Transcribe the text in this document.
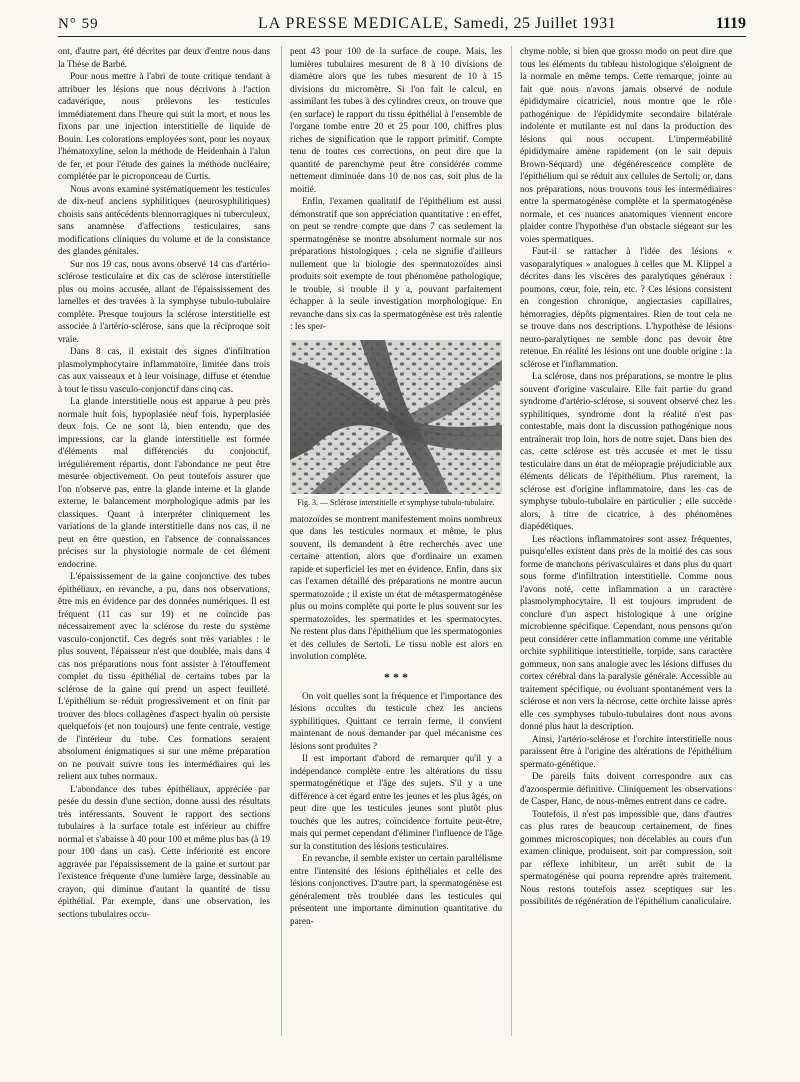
N° 59	LA PRESSE MEDICALE, Samedi, 25 Juillet 1931	1119

ont, d'autre part, été décrites par deux d'entre nous dans la Thèse de Barbé.

Pour nous mettre à l'abri de toute critique tendant à attribuer les lésions que nous décrivons à l'action cadavérique, nous prélevons les testicules immédiatement dans l'heure qui suit la mort, et nous les fixons par une injection interstitielle de liquide de Bouin. Les colorations employées sont, pour les noyaux l'hématoxyline, selon la méthode de Heidenhain à l'alun de fer, et pour l'étude des gaines la méthode nucléaire, complétée par le picroponceau de Curtis.

Nous avons examiné systématiquement les testicules de dix-neuf anciens syphilitiques (neurosyphilitiques) choisis sans antécédents blennorragiques ni tuberculeux, sans anamnèse d'affections testiculaires, sans modifications cliniques du volume et de la consistance des glandes génitales.

Sur nos 19 cas, nous avons observé 14 cas d'artério-sclérose testiculaire et dix cas de sclérose interstitielle plus ou moins accusée, allant de l'épaississement des lamelles et des travées à la symphyse tubulo-tubulaire complète. Presque toujours la sclérose interstitielle est associée à l'artério-sclérose, sans que la réciproque soit vraie.

Dans 8 cas, il existait des signes d'infiltration plasmolymphocytaire inflammatoire, limitée dans trois cas aux vaisseaux et à leur voisinage, diffuse et étendue à tout le tissu vasculo-conjonctif dans cinq cas.

La glande interstitielle nous est apparue à peu près normale huit fois, hypoplasiée neuf fois, hyperplasiée deux fois. Ce ne sont là, bien entendu, que des impressions, car la glande interstitielle est formée d'éléments mal différenciés du conjonctif, irrégulièrement répartis, dont l'abondance ne peut être mesurée objectivement. On peut toutefois assurer que l'on n'observe pas, entre la glande interne et la glande externe, le balancement morphologique admis par les classiques. Quant à interpréter cliniquement les variations de la glande interstitielle dans nos cas, il ne peut en être question, en l'absence de connaissances précises sur la physiologie normale de cet élément endocrine.

L'épaississement de la gaine conjonctive des tubes épithéliaux, en revanche, a pu, dans nos observations, être mis en évidence par des données numériques. Il est fréquent (11 cas sur 19) et ne coïncide pas nécessairement avec la sclérose du reste du système vasculo-conjonctif. Ces degrés sont très variables : le plus souvent, l'épaisseur n'est que doublée, mais dans 4 cas nos préparations nous font assister à l'étouffement complet du tissu épithélial de certains tubes par la sclérose de la gaine qui prend un aspect feuilleté. L'épithélium se réduit progressivement et on finit par trouver des blocs collagènes d'aspect hyalin où persiste quelquefois (et non toujours) une fente centrale, vestige de l'intérieur du tube. Ces formations seraient absolument énigmatiques si sur une même préparation on ne pouvait suivre tous les intermédiaires qui les relient aux tubes normaux.

L'abondance des tubes épithéliaux, appréciée par pesée du dessin d'une section, donne aussi des résultats très intéressants. Souvent le rapport des sections tubulaires à la surface totale est inférieur au chiffre normal et s'abaisse à 40 pour 100 et même plus bas (à 19 pour 100 dans un cas). Cette infériorité est encore aggravée par l'épaississement de la gaine et surtout par l'existence fréquente d'une lumière large, dessinable au crayon, qui diminue d'autant la quantité de tissu épithélial. Par exemple, dans une observation, les sections tubulaires occu-

pent 43 pour 100 de la surface de coupe. Mais, les lumières tubulaires mesurent de 8 à 10 divisions de diamètre alors que les tubes mesurent de 10 à 15 divisions du micromètre. Si l'on fait le calcul, en assimilant les tubes à des cylindres creux, on trouve que (en surface) le rapport du tissu épithélial à l'ensemble de l'organe tombe entre 20 et 25 pour 100, chiffres plus riches de signification que le rapport primitif. Compte tenu de toutes ces corrections, on peut dire que la quantité de parenchyme peut être considérée comme nettement diminuée dans 10 de nos cas, soit plus de la moitié.

Enfin, l'examen qualitatif de l'épithélium est aussi démonstratif que son appréciation quantitative : en effet, on peut se rendre compte que dans 7 cas seulement la spermatogénèse se montre absolument normale sur nos préparations histologiques ; cela ne signifie d'ailleurs nullement que la biologie des spermatozoïdes ainsi produits soit exempte de tout phénomène pathologique, le trouble, si trouble il y a, pouvant parfaitement échapper à la seule investigation morphologique. En revanche dans six cas la spermatogénèse est très ralentie : les sper-

Fig. 3. — Sclérose interstitielle et symphyse tubulo-tubulaire.

matozoïdes se montrent manifestement moins nombreux que dans les testicules normaux et même, le plus souvent, ils demandent à être recherchés avec une certaine attention, alors que d'ordinaire un examen rapide et superficiel les met en évidence. Enfin, dans six cas l'examen détaillé des préparations ne montre aucun spermatozoïde ; il existe un état de métaspermatogénèse plus ou moins complète qui porte le plus souvent sur les spermatozoïdes, les spermatides et les spermatocytes. Ne restent plus dans l'épithélium que les spermatogonies et des cellules de Sertoli. Le tissu noble est alors en involution complète.

* * *

On voit quelles sont la fréquence et l'importance des lésions occultes du testicule chez les anciens syphilitiques. Quittant ce terrain ferme, il convient maintenant de nous demander par quel mécanisme ces lésions sont produites ?

Il est important d'abord de remarquer qu'il y a indépendance complète entre les altérations du tissu spermatogénétique et l'âge des sujets. S'il y a une différence à cet égard entre les jeunes et les plus âgés, on peut dire que les testicules jeunes sont plutôt plus touchés que les autres, coïncidence fortuite peut-être, mais qui permet cependant d'éliminer l'influence de l'âge sur la constitution des lésions testiculaires.

En revanche, il semble exister un certain parallélisme entre l'intensité des lésions épithéliales et celle des lésions conjonctives. D'autre part, la spermatogénèse est généralement très troublée dans les testicules qui présentent une importante diminution quantitative du paren-

chyme noble, si bien que grosso modo on peut dire que tous les éléments du tableau histologique s'éloignent de la normale en même temps. Cette remarque, jointe au fait que nous n'avons jamais observé de nodule épididymaire cicatriciel, nous montre que le rôle pathogénique de l'épididymite secondaire bilatérale indolente et mutilante est nul dans la production des lésions qui nous occupent. L'imperméabilité épididymaire amène rapidement (on le sait depuis Brown-Séquard) une dégénérescence complète de l'épithélium qui se réduit aux cellules de Sertoli; or, dans nos préparations, nous trouvons tous les intermédiaires entre la spermatogénèse complète et la spermatogénèse normale, et ces nuances anatomiques viennent encore plaider contre l'hypothèse d'un obstacle siégeant sur les voies spermatiques.

Faut-il se rattacher à l'idée des lésions « vasoparalytiques » analogues à celles que M. Klippel a décrites dans les viscères des paralytiques généraux : poumons, cœur, foie, rein, etc. ? Ces lésions consistent en congestion chronique, angiectasies capillaires, hémorragies, dépôts pigmentaires. Rien de tout cela ne se trouve dans nos descriptions. L'hypothèse de lésions neuro-paralytiques ne semble donc pas devoir être retenue. En réalité les lésions ont une double origine : la sclérose et l'inflammation.

La sclérose, dans nos préparations, se montre le plus souvent d'origine vasculaire. Elle fait partie du grand syndrome d'artério-sclérose, si souvent observé chez les syphilitiques, syndrome dont la réalité n'est pas contestable, mais dont la discussion pathogénique nous entraînerait trop loin, hors de notre sujet. Dans bien des cas, cette sclérose est très accusée et met le tissu testiculaire dans un état de méiopragie préjudiciable aux éléments délicats de l'épithélium. Plus rarement, la sclérose est d'origine inflammatoire, dans les cas de symphyse tubulo-tubulaire en particulier ; elle succède alors, à titre de cicatrice, à des phénomènes diapédétiques.

Les réactions inflammatoires sont assez fréquentes, puisqu'elles existent dans près de la moitié des cas sous forme de manchons périvasculaires et dans plus du quart sous forme d'infiltration interstitielle. Comme nous l'avons noté, cette inflammation a un caractère plasmolymphocytaire. Il est toujours imprudent de conclure d'un aspect histologique à une origine microbienne spécifique. Cependant, nous pensons qu'on peut considérer cette inflammation comme une véritable orchite syphilitique interstitielle, torpide, sans caractère gommeux, non sans analogie avec les lésions diffuses du cortex cérébral dans la paralysie générale. Accessible au traitement spécifique, ou évoluant spontanément vers la sclérose et non vers la nécrose, cette orchite laisse après elle ces symphyses tubulo-tubulaires dont nous avons donné plus haut la description.

Ainsi, l'artério-sclérose et l'orchite interstitielle nous paraissent être à l'origine des altérations de l'épithélium spermato-génétique.

De pareils faits doivent correspondre aux cas d'azoospermie définitive. Cliniquement les observations de Casper, Hanc, de nous-mêmes entrent dans ce cadre.

Toutefois, il n'est pas impossible que, dans d'autres cas plus rares de beaucoup certainement, de fines gommes microscopiques, non décelables au cours d'un examen clinique, produisent, soit par compression, soit par réflexe inhibiteur, un arrêt subit de la spermatogénèse qui pourra reprendre après traitement. Nous restons toutefois assez sceptiques sur les possibilités de régénération de l'épithélium canaliculaire.
